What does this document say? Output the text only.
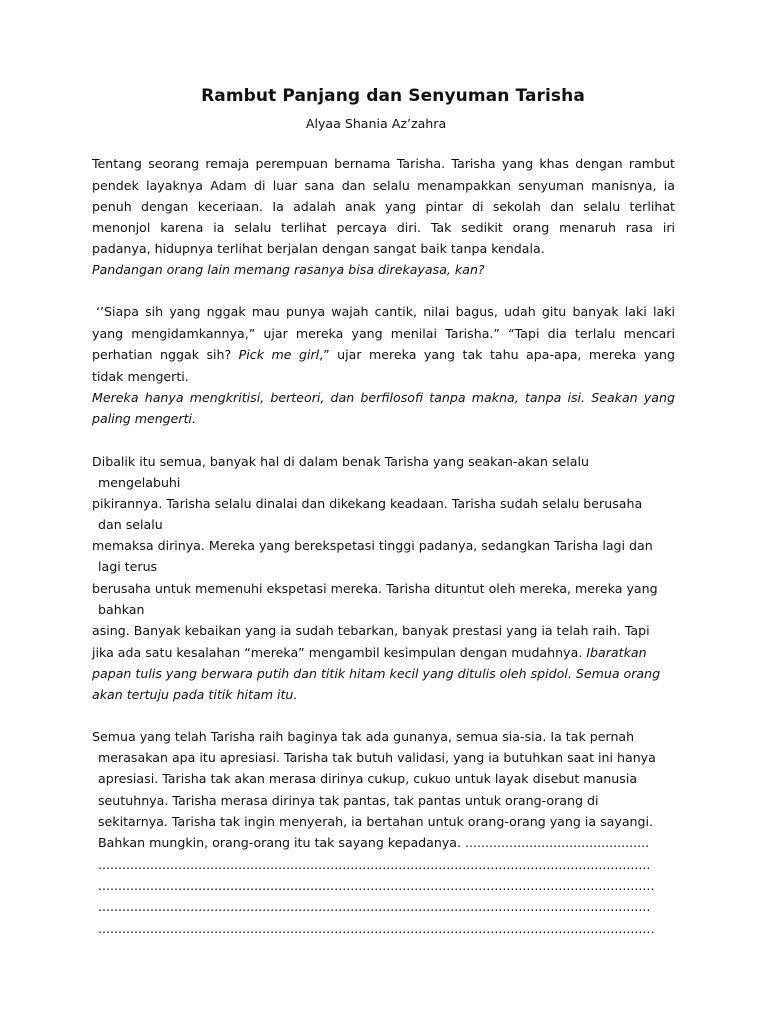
Rambut Panjang dan Senyuman Tarisha
Alyaa Shania Az’zahra
Tentang seorang remaja perempuan bernama Tarisha. Tarisha yang khas dengan rambut
pendek layaknya Adam di luar sana dan selalu menampakkan senyuman manisnya, ia
penuh dengan keceriaan. Ia adalah anak yang pintar di sekolah dan selalu terlihat
menonjol karena ia selalu terlihat percaya diri. Tak sedikit orang menaruh rasa iri
padanya, hidupnya terlihat berjalan dengan sangat baik tanpa kendala.
Pandangan orang lain memang rasanya bisa direkayasa, kan?
‘’Siapa sih yang nggak mau punya wajah cantik, nilai bagus, udah gitu banyak laki laki
yang mengidamkannya,” ujar mereka yang menilai Tarisha.” “Tapi dia terlalu mencari
perhatian nggak sih? Pick me girl,” ujar mereka yang tak tahu apa-apa, mereka yang
tidak mengerti.
Mereka hanya mengkritisi, berteori, dan berfilosofi tanpa makna, tanpa isi. Seakan yang
paling mengerti.
Dibalik itu semua, banyak hal di dalam benak Tarisha yang seakan-akan selalu
mengelabuhi
pikirannya. Tarisha selalu dinalai dan dikekang keadaan. Tarisha sudah selalu berusaha
dan selalu
memaksa dirinya. Mereka yang berekspetasi tinggi padanya, sedangkan Tarisha lagi dan
lagi terus
berusaha untuk memenuhi ekspetasi mereka. Tarisha dituntut oleh mereka, mereka yang
bahkan
asing. Banyak kebaikan yang ia sudah tebarkan, banyak prestasi yang ia telah raih. Tapi
jika ada satu kesalahan “mereka” mengambil kesimpulan dengan mudahnya. Ibaratkan
papan tulis yang berwara putih dan titik hitam kecil yang ditulis oleh spidol. Semua orang
akan tertuju pada titik hitam itu.
Semua yang telah Tarisha raih baginya tak ada gunanya, semua sia-sia. Ia tak pernah
merasakan apa itu apresiasi. Tarisha tak butuh validasi, yang ia butuhkan saat ini hanya
apresiasi. Tarisha tak akan merasa dirinya cukup, cukuo untuk layak disebut manusia
seutuhnya. Tarisha merasa dirinya tak pantas, tak pantas untuk orang-orang di
sekitarnya. Tarisha tak ingin menyerah, ia bertahan untuk orang-orang yang ia sayangi.
Bahkan mungkin, orang-orang itu tak sayang kepadanya. ..............................................
..........................................................................................................................................
...........................................................................................................................................
..........................................................................................................................................
...........................................................................................................................................
